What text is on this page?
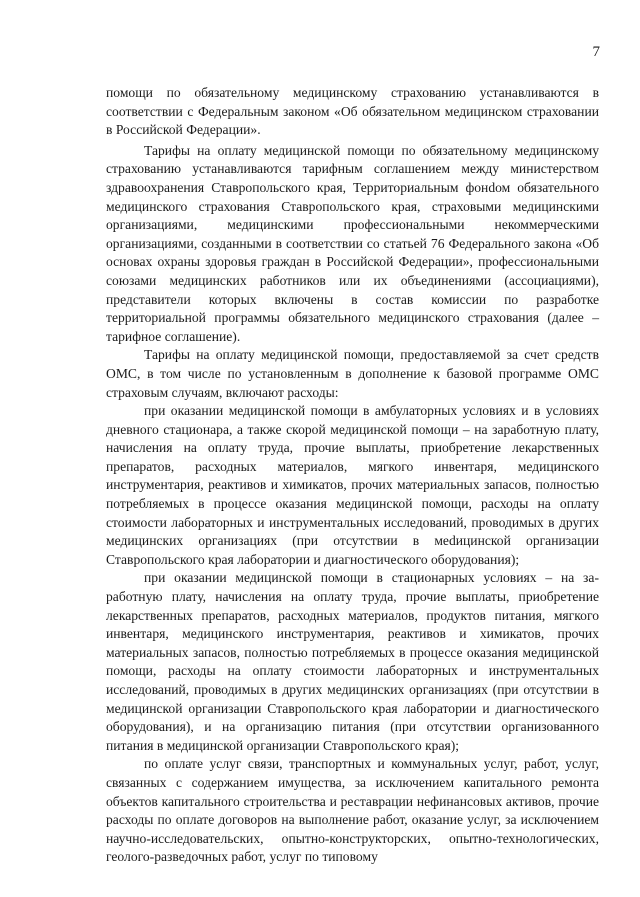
7

помощи по обязательному медицинскому страхованию устанавливаются в соответствии с Федеральным законом «Об обязательном медицинском страховании в Российской Федерации».

Тарифы на оплату медицинской помощи по обязательному медицинскому страхованию устанавливаются тарифным соглашением между министерством здравоохранения Ставропольского края, Территориальным фонdом обязательного медицинского страхования Ставропольского края, страховыми медицинскими организациями, медицинскими профессиональными некоммерческими организациями, созданными в соответствии со статьей 76 Федерального закона «Об основах охраны здоровья граждан в Российской Федерации», профессиональными союзами медицинских работников или их объединениями (ассоциациями), представители которых включены в состав комиссии по разработке территориальной программы обязательного медицинского страхования (далее – тарифное соглашение).

Тарифы на оплату медицинской помощи, предоставляемой за счет средств ОМС, в том числе по установленным в дополнение к базовой программе ОМС страховым случаям, включают расходы:

при оказании медицинской помощи в амбулаторных условиях и в условиях дневного стационара, а также скорой медицинской помощи – на заработную плату, начисления на оплату труда, прочие выплаты, приобретение лекарственных препаратов, расходных материалов, мягкого инвентаря, медицинского инструментария, реактивов и химикатов, прочих материальных запасов, полностью потребляемых в процессе оказания медицинской помощи, расходы на оплату стоимости лабораторных и инструментальных исследований, проводимых в других медицинских организациях (при отсутствии в меdицинской организации Ставропольского края лаборатории и диагностического оборудования);

при оказании медицинской помощи в стационарных условиях – на заработную плату, начисления на оплату труда, прочие выплаты, приобретение лекарственных препаратов, расходных материалов, продуктов питания, мягкого инвентаря, медицинского инструментария, реактивов и химикатов, прочих материальных запасов, полностью потребляемых в процессе оказания медицинской помощи, расходы на оплату стоимости лабораторных и инструментальных исследований, проводимых в других медицинских организациях (при отсутствии в медицинской организации Ставропольского края лаборатории и диагностического оборудования), и на организацию питания (при отсутствии организованного питания в медицинской организации Ставропольского края);

по оплате услуг связи, транспортных и коммунальных услуг, работ, услуг, связанных с содержанием имущества, за исключением капитального ремонта объектов капитального строительства и реставрации нефинансовых активов, прочие расходы по оплате договоров на выполнение работ, оказание услуг, за исключением научно-исследовательских, опытно-конструкторских, опытно-технологических, геолого-разведочных работ, услуг по типовому
